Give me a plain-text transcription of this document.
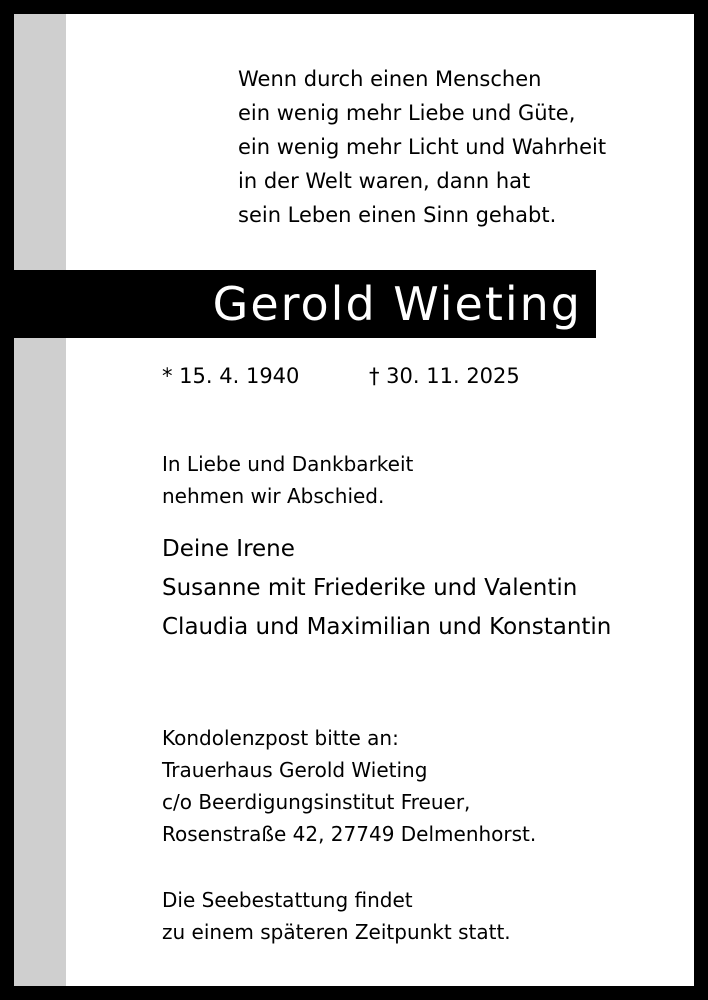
Wenn durch einen Menschen
ein wenig mehr Liebe und Güte,
ein wenig mehr Licht und Wahrheit
in der Welt waren, dann hat
sein Leben einen Sinn gehabt.
Gerold Wieting
* 15. 4. 1940	† 30. 11. 2025
In Liebe und Dankbarkeit
nehmen wir Abschied.
Deine Irene
Susanne mit Friederike und Valentin
Claudia und Maximilian und Konstantin
Kondolenzpost bitte an:
Trauerhaus Gerold Wieting
c/o Beerdigungsinstitut Freuer,
Rosenstraße 42, 27749 Delmenhorst.
Die Seebestattung findet
zu einem späteren Zeitpunkt statt.
